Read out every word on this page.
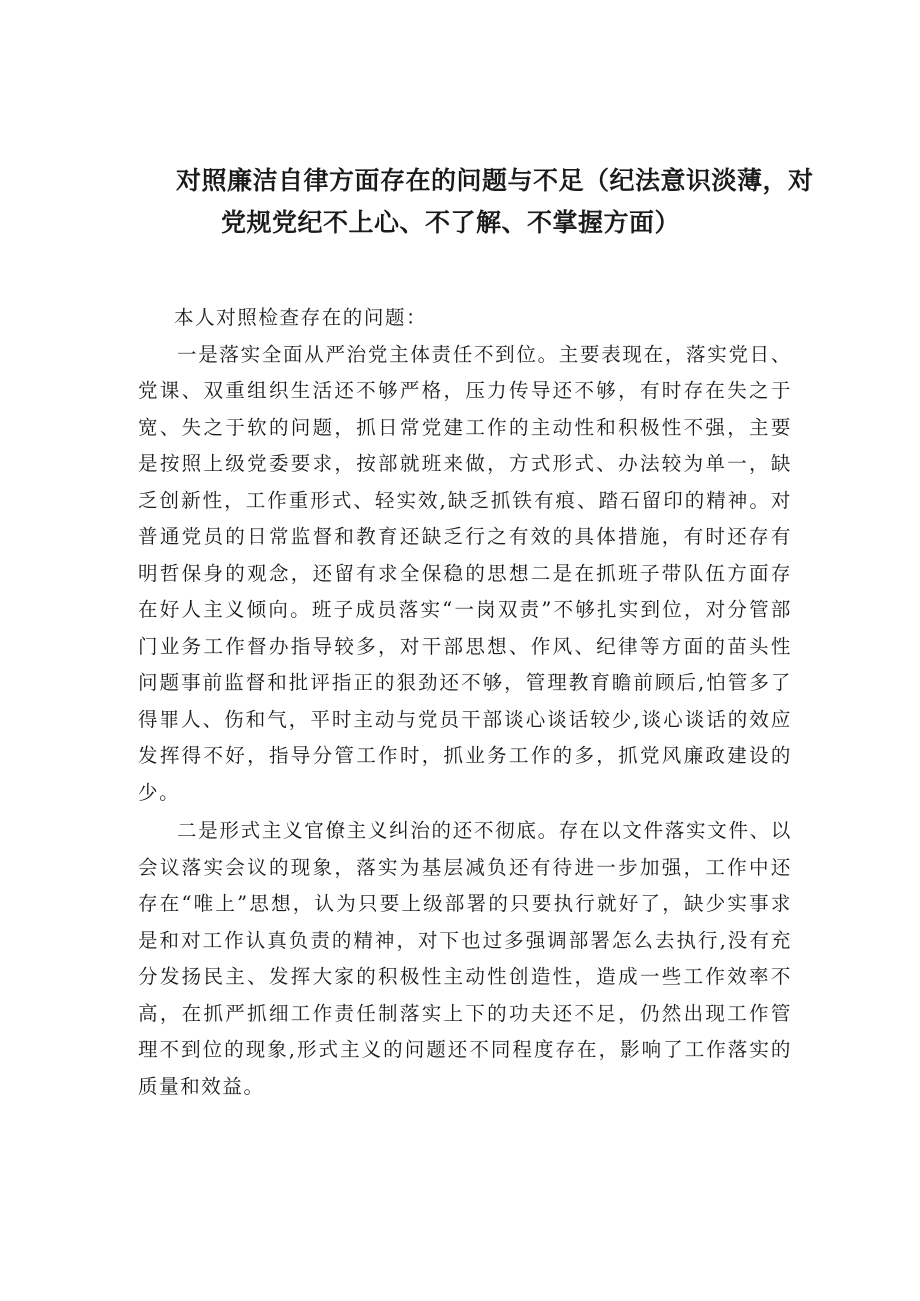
对照廉洁自律方面存在的问题与不足（纪法意识淡薄，对
党规党纪不上心、不了解、不掌握方面）

本人对照检查存在的问题：

一是落实全面从严治党主体责任不到位。主要表现在，落实党日、党课、双重组织生活还不够严格，压力传导还不够，有时存在失之于宽、失之于软的问题，抓日常党建工作的主动性和积极性不强，主要是按照上级党委要求，按部就班来做，方式形式、办法较为单一，缺乏创新性，工作重形式、轻实效,缺乏抓铁有痕、踏石留印的精神。对普通党员的日常监督和教育还缺乏行之有效的具体措施，有时还存有明哲保身的观念，还留有求全保稳的思想二是在抓班子带队伍方面存在好人主义倾向。班子成员落实“一岗双责”不够扎实到位，对分管部门业务工作督办指导较多，对干部思想、作风、纪律等方面的苗头性问题事前监督和批评指正的狠劲还不够，管理教育瞻前顾后,怕管多了得罪人、伤和气，平时主动与党员干部谈心谈话较少,谈心谈话的效应发挥得不好，指导分管工作时，抓业务工作的多，抓党风廉政建设的少。

二是形式主义官僚主义纠治的还不彻底。存在以文件落实文件、以会议落实会议的现象，落实为基层减负还有待进一步加强，工作中还存在“唯上”思想，认为只要上级部署的只要执行就好了，缺少实事求是和对工作认真负责的精神，对下也过多强调部署怎么去执行,没有充分发扬民主、发挥大家的积极性主动性创造性，造成一些工作效率不高，在抓严抓细工作责任制落实上下的功夫还不足，仍然出现工作管理不到位的现象,形式主义的问题还不同程度存在，影响了工作落实的质量和效益。
